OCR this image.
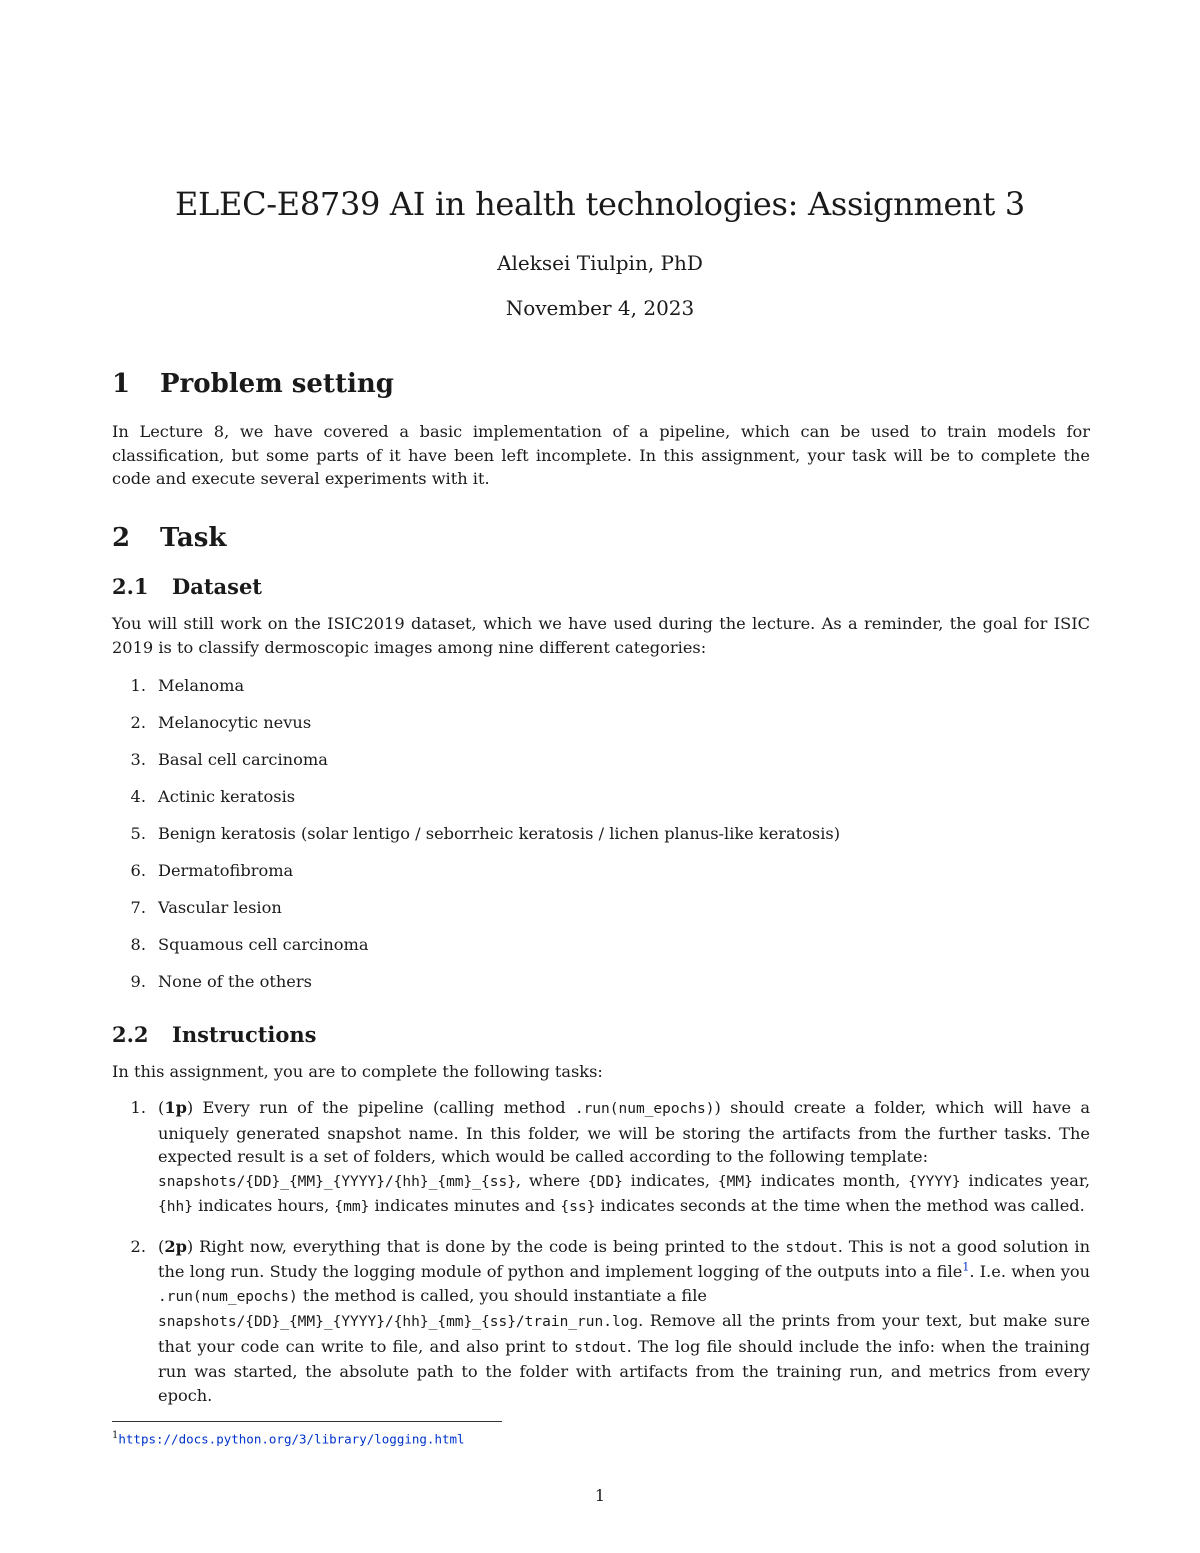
ELEC-E8739 AI in health technologies: Assignment 3
Aleksei Tiulpin, PhD
November 4, 2023
1 Problem setting

In Lecture 8, we have covered a basic implementation of a pipeline, which can be used to train models for classification, but some parts of it have been left incomplete. In this assignment, your task will be to complete the code and execute several experiments with it.

2 Task
2.1 Dataset

You will still work on the ISIC2019 dataset, which we have used during the lecture. As a reminder, the goal for ISIC 2019 is to classify dermoscopic images among nine different categories:

1. Melanoma
2. Melanocytic nevus
3. Basal cell carcinoma
4. Actinic keratosis
5. Benign keratosis (solar lentigo / seborrheic keratosis / lichen planus-like keratosis)
6. Dermatofibroma
7. Vascular lesion
8. Squamous cell carcinoma
9. None of the others
2.2 Instructions

In this assignment, you are to complete the following tasks:

1. (1p) Every run of the pipeline (calling method .run(num_epochs)) should create a folder, which will have a uniquely generated snapshot name. In this folder, we will be storing the artifacts from the further tasks. The expected result is a set of folders, which would be called according to the following template:
snapshots/{DD}_{MM}_{YYYY}/{hh}_{mm}_{ss}, where {DD} indicates, {MM} indicates month, {YYYY} indicates year, {hh} indicates hours, {mm} indicates minutes and {ss} indicates seconds at the time when the method was called.
2. (2p) Right now, everything that is done by the code is being printed to the stdout. This is not a good solution in the long run. Study the logging module of python and implement logging of the outputs into a file$^1$. I.e. when you .run(num_epochs) the method is called, you should instantiate a file
snapshots/{DD}_{MM}_{YYYY}/{hh}_{mm}_{ss}/train_run.log. Remove all the prints from your text, but make sure that your code can write to file, and also print to stdout. The log file should include the info: when the training run was started, the absolute path to the folder with artifacts from the training run, and metrics from every epoch.
$^1$https://docs.python.org/3/library/logging.html
1
